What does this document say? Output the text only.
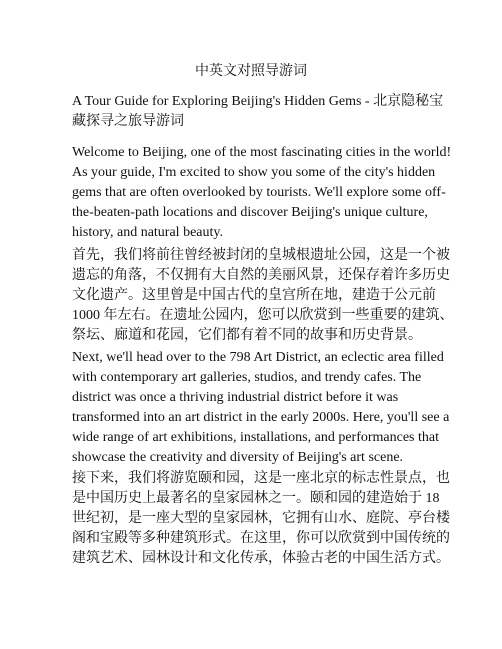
中英文对照导游词

A Tour Guide for Exploring Beijing's Hidden Gems - 北京隐秘宝
藏探寻之旅导游词

Welcome to Beijing, one of the most fascinating cities in the world!
As your guide, I'm excited to show you some of the city's hidden
gems that are often overlooked by tourists. We'll explore some off-
the-beaten-path locations and discover Beijing's unique culture,
history, and natural beauty.

首先，我们将前往曾经被封闭的皇城根遗址公园，这是一个被
遗忘的角落，不仅拥有大自然的美丽风景，还保存着许多历史
文化遗产。这里曾是中国古代的皇宫所在地，建造于公元前
1000 年左右。在遗址公园内，您可以欣赏到一些重要的建筑、
祭坛、廊道和花园，它们都有着不同的故事和历史背景。

Next, we'll head over to the 798 Art District, an eclectic area filled
with contemporary art galleries, studios, and trendy cafes. The
district was once a thriving industrial district before it was
transformed into an art district in the early 2000s. Here, you'll see a
wide range of art exhibitions, installations, and performances that
showcase the creativity and diversity of Beijing's art scene.

接下来，我们将游览颐和园，这是一座北京的标志性景点，也
是中国历史上最著名的皇家园林之一。颐和园的建造始于 18
世纪初，是一座大型的皇家园林，它拥有山水、庭院、亭台楼
阁和宝殿等多种建筑形式。在这里，你可以欣赏到中国传统的
建筑艺术、园林设计和文化传承，体验古老的中国生活方式。
